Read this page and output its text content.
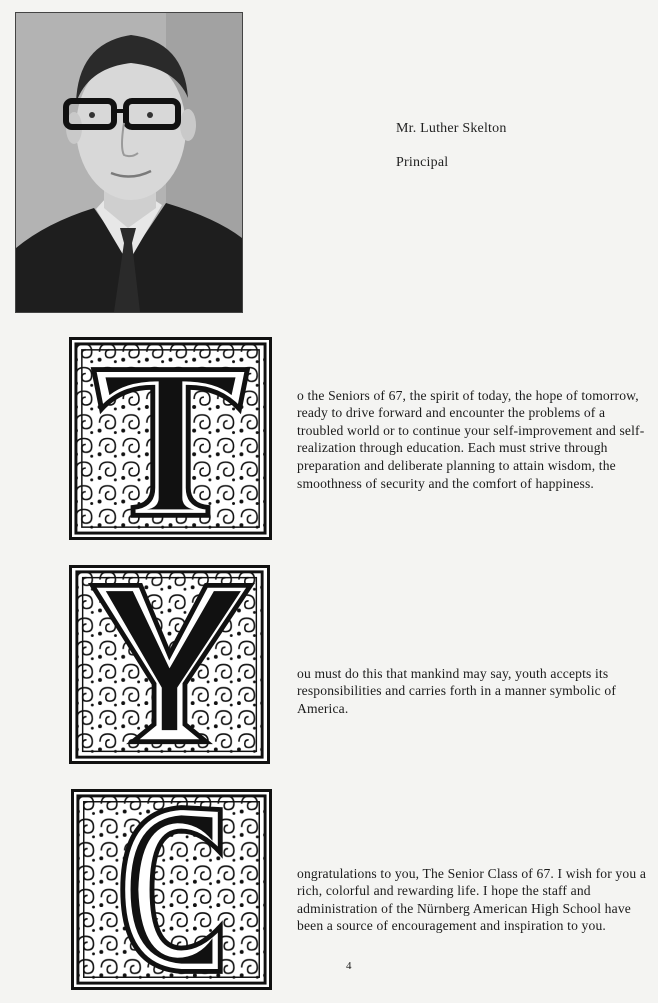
Mr. Luther Skelton
Principal

o the Seniors of 67, the spirit of today, the hope of tomorrow, ready to drive forward and encounter the problems of a troubled world or to continue your self-improvement and self-realization through education. Each must strive through preparation and deliberate planning to attain wisdom, the smoothness of security and the comfort of happiness.

ou must do this that mankind may say, youth accepts its responsibilities and carries forth in a manner symbolic of America.

ongratulations to you, The Senior Class of 67. I wish for you a rich, colorful and rewarding life. I hope the staff and administration of the Nürnberg American High School have been a source of encouragement and inspiration to you.

4
